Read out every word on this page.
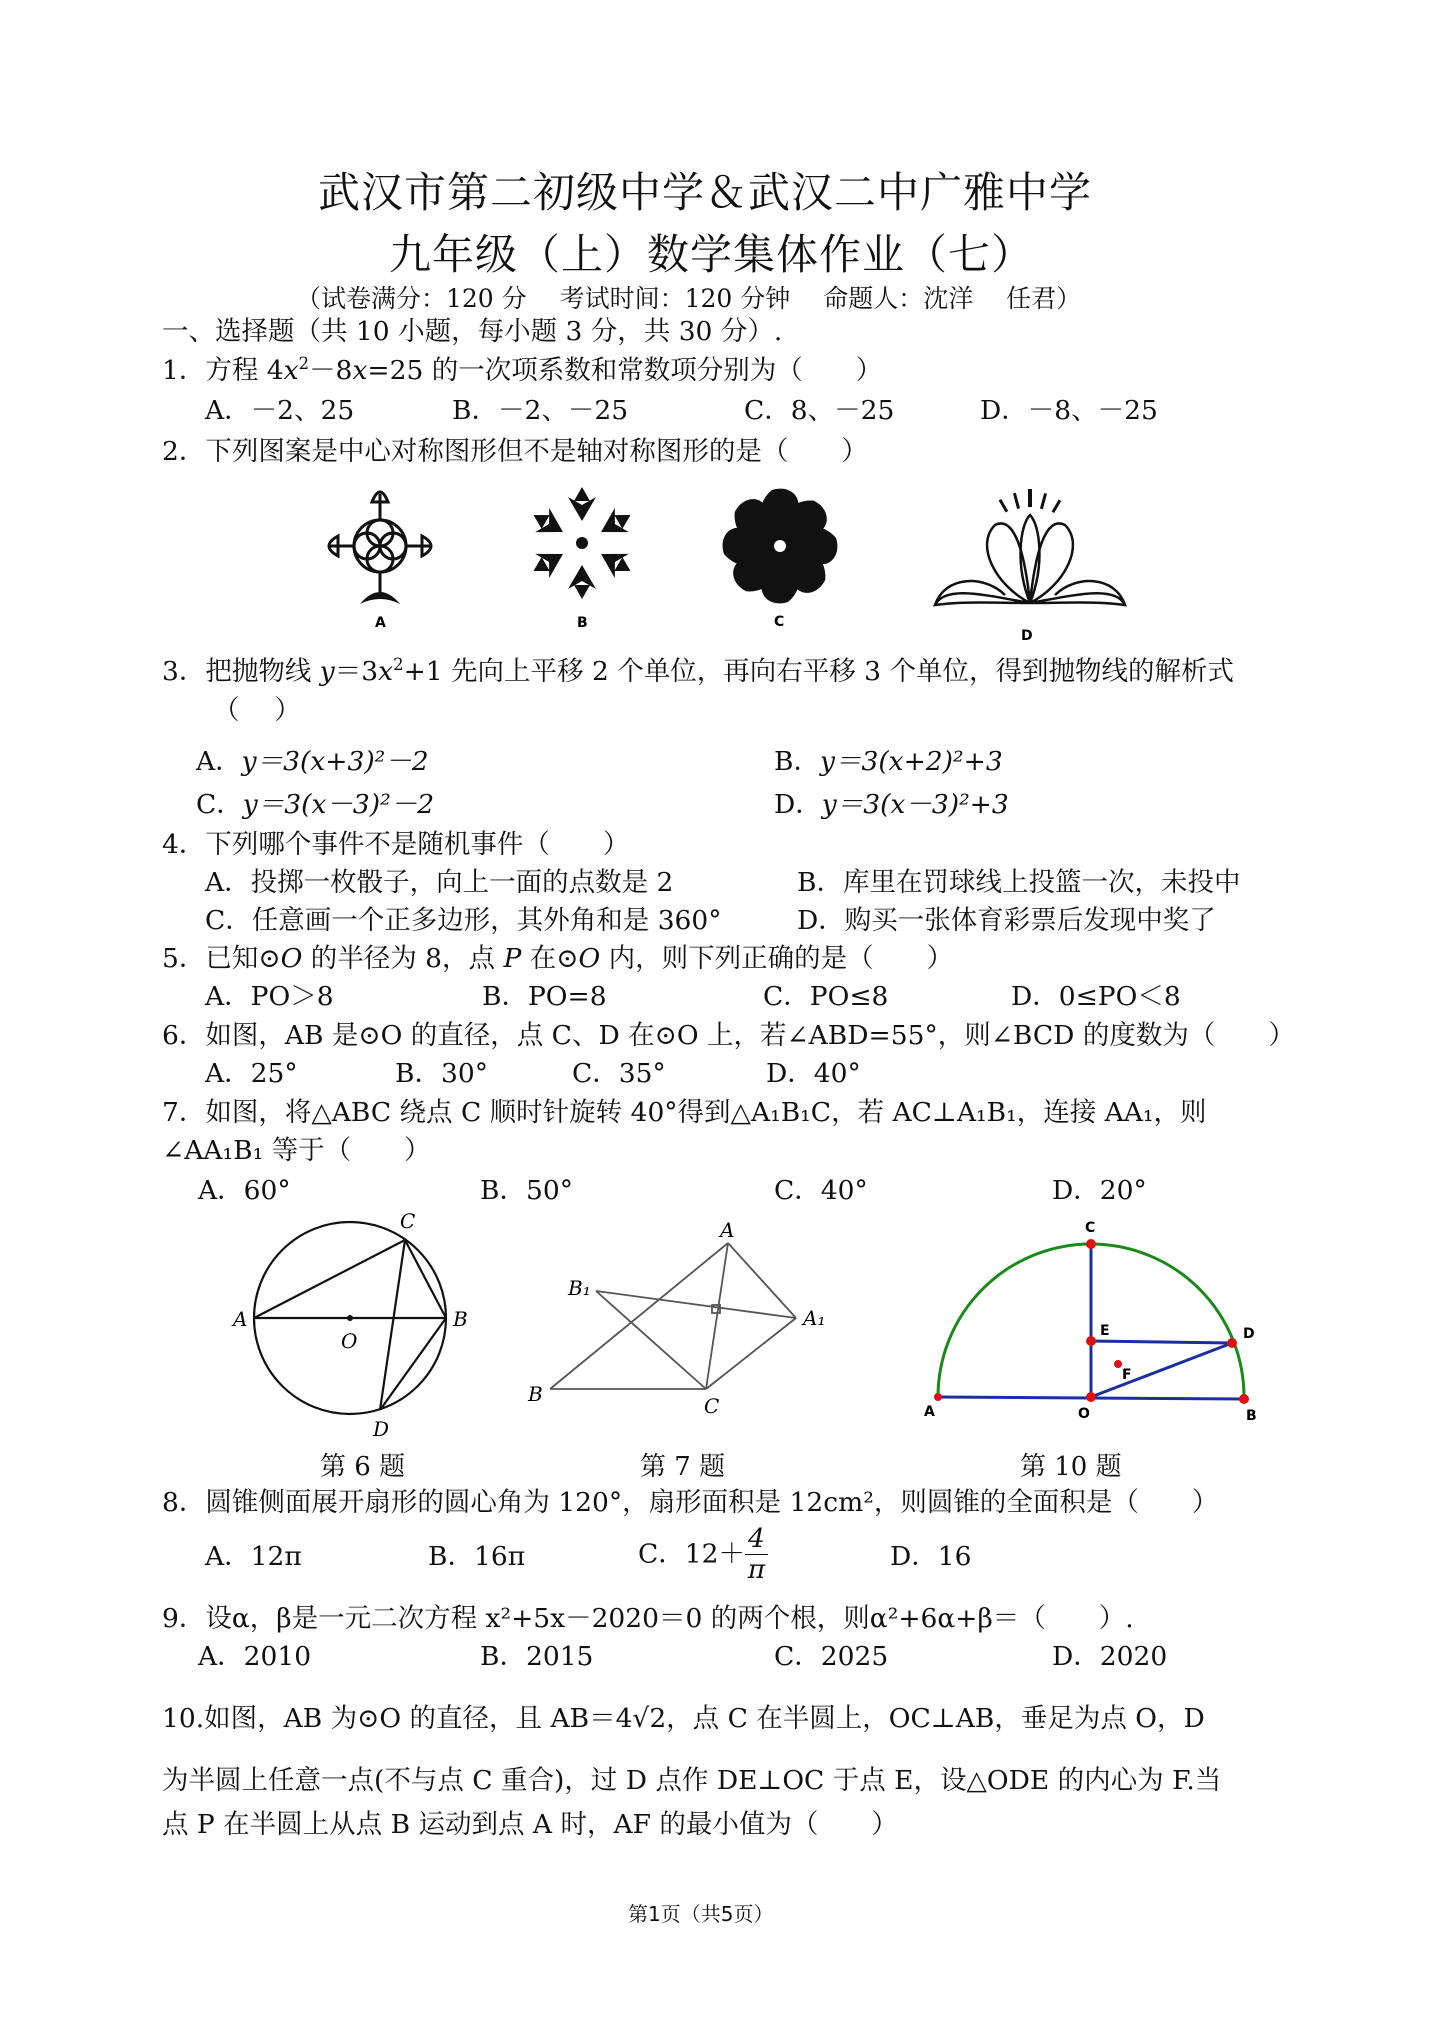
武汉市第二初级中学＆武汉二中广雅中学
九年级（上）数学集体作业（七）
（试卷满分：120 分　 考试时间：120 分钟　 命题人：沈洋　 任君）
一、选择题（共 10 小题，每小题 3 分，共 30 分）.
1．方程 $4x^2-8x=25$ 的一次项系数和常数项分别为（　　）
A．－2、25	B．－2、－25	C．8、－25	D．－8、－25
2．下列图案是中心对称图形但不是轴对称图形的是（　　）
A	B	C
D
3．把抛物线 $y=3x^2+1$ 先向上平移 2 个单位，再向右平移 3 个单位，得到抛物线的解析式
（　 ）
A．y＝3(x+3)²－2	B．y＝3(x+2)²+3
C．y＝3(x－3)²－2	D．y＝3(x－3)²+3
4．下列哪个事件不是随机事件（　　）
A．投掷一枚骰子，向上一面的点数是 2	B．库里在罚球线上投篮一次，未投中
C．任意画一个正多边形，其外角和是 360°	D．购买一张体育彩票后发现中奖了
5．已知⊙O 的半径为 8，点 P 在⊙O 内，则下列正确的是（　　）
A．PO＞8	B．PO=8	C．PO≤8	D．0≤PO＜8
6．如图，AB 是⊙O 的直径，点 C、D 在⊙O 上，若∠ABD=55°，则∠BCD 的度数为（　　）
A．25°	B．30°	C．35°	D．40°
7．如图，将△ABC 绕点 C 顺时针旋转 40°得到△A₁B₁C，若 AC⊥A₁B₁，连接 AA₁，则
∠AA₁B₁ 等于（　　）
A．60°	B．50°	C．40°	D．20°
A	B
C
D
O
A
B₁
A₁
B	C
C
E	D
F
A	O	B
第 6 题	第 7 题	第 10 题
8．圆锥侧面展开扇形的圆心角为 120°，扇形面积是 12cm²，则圆锥的全面积是（　　）
A．12π	B．16π	C．$12+ \frac{4}{\pi}$	D．16
9．设α，β是一元二次方程 x²+5x－2020＝0 的两个根，则α²+6α+β＝（　　）.
A．2010	B．2015	C．2025	D．2020
10.如图，AB 为⊙O 的直径，且 AB＝4√2，点 C 在半圆上，OC⊥AB，垂足为点 O，D
为半圆上任意一点(不与点 C 重合)，过 D 点作 DE⊥OC 于点 E，设△ODE 的内心为 F.当
点 P 在半圆上从点 B 运动到点 A 时，AF 的最小值为（　　）
第1页（共5页）
